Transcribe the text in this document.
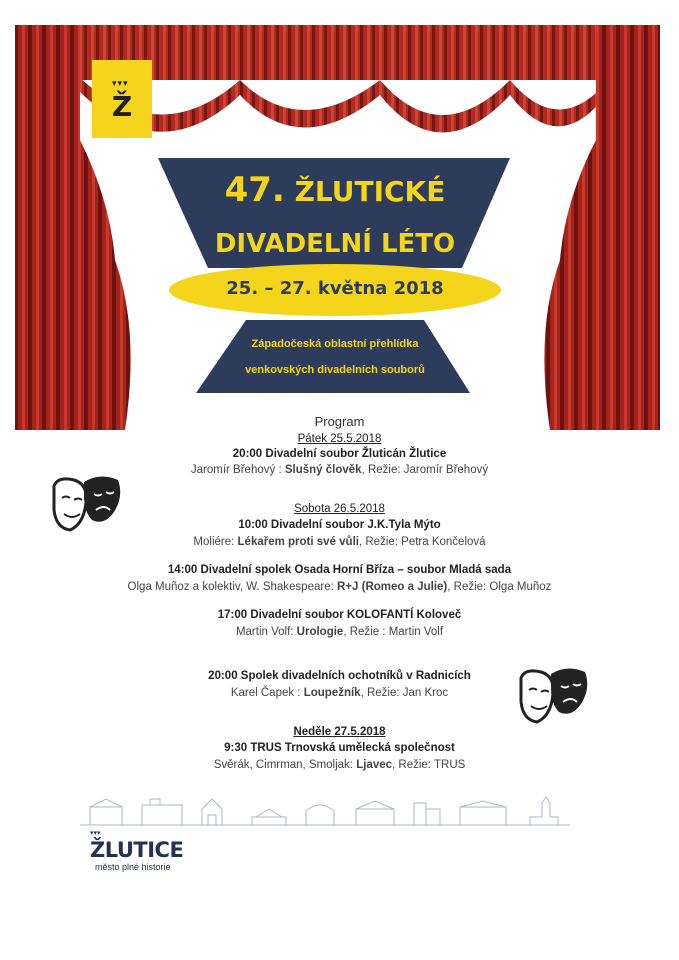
▾▾▾
Ž
47. ŽLUTICKÉ
DIVADELNÍ LÉTO
25. – 27. května 2018
Západočeská oblastní přehlídka
venkovských divadelních souborů
Program
Pátek 25.5.2018
20:00 Divadelní soubor Žluticán Žlutice
Jaromír Břehový : Slušný člověk, Režie: Jaromír Břehový
Sobota 26.5.2018
10:00 Divadelní soubor J.K.Tyla Mýto
Moliére: Lékařem proti své vůli, Režie: Petra Končelová
14:00 Divadelní spolek Osada Horní Bříza – soubor Mladá sada
Olga Muñoz a kolektiv, W. Shakespeare: R+J (Romeo a Julie), Režie: Olga Muñoz
17:00 Divadelní soubor KOLOFANTÍ Koloveč
Martin Volf: Urologie, Režie : Martin Volf
20:00 Spolek divadelních ochotníků v Radnicích
Karel Čapek : Loupežník, Režie: Jan Kroc
Neděle 27.5.2018
9:30 TRUS Trnovská umělecká společnost
Svěrák, Cimrman, Smoljak: Ljavec, Režie: TRUS
▾▾▾
ŽLUTICE
město plné historie
